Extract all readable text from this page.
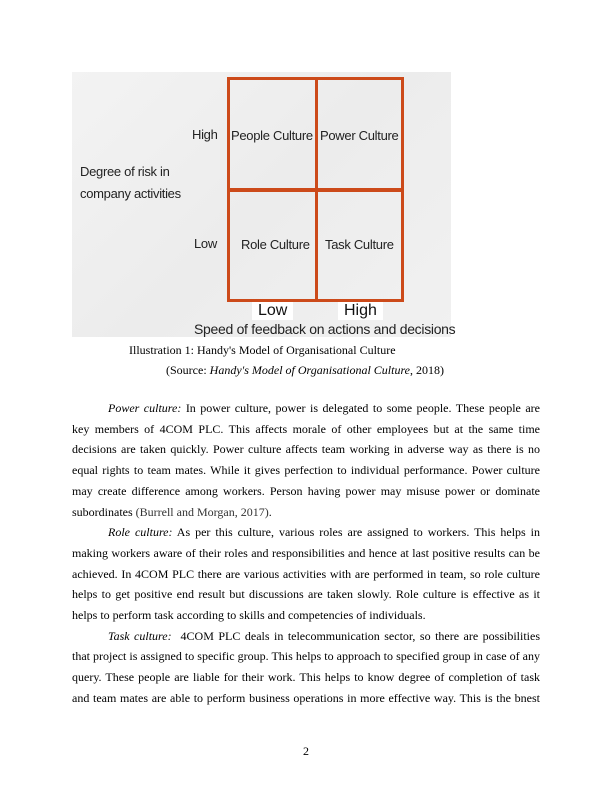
Degree of risk in
company activities
High
Low
People Culture Power Culture
Role Culture Task Culture
Low	High
Speed of feedback on actions and decisions
Illustration 1: Handy's Model of Organisational Culture
(Source: Handy's Model of Organisational Culture, 2018)

Power culture: In power culture, power is delegated to some people. These people are key members of 4COM PLC. This affects morale of other employees but at the same time decisions are taken quickly. Power culture affects team working in adverse way as there is no equal rights to team mates. While it gives perfection to individual performance. Power culture may create difference among workers. Person having power may misuse power or dominate subordinates (Burrell and Morgan, 2017).

Role culture: As per this culture, various roles are assigned to workers. This helps in making workers aware of their roles and responsibilities and hence at last positive results can be achieved. In 4COM PLC there are various activities with are performed in team, so role culture helps to get positive end result but discussions are taken slowly. Role culture is effective as it helps to perform task according to skills and competencies of individuals.

Task culture:  4COM PLC deals in telecommunication sector, so there are possibilities that project is assigned to specific group. This helps to approach to specified group in case of any query. These people are liable for their work. This helps to know degree of completion of task and team mates are able to perform business operations in more effective way. This is the bnest

2
